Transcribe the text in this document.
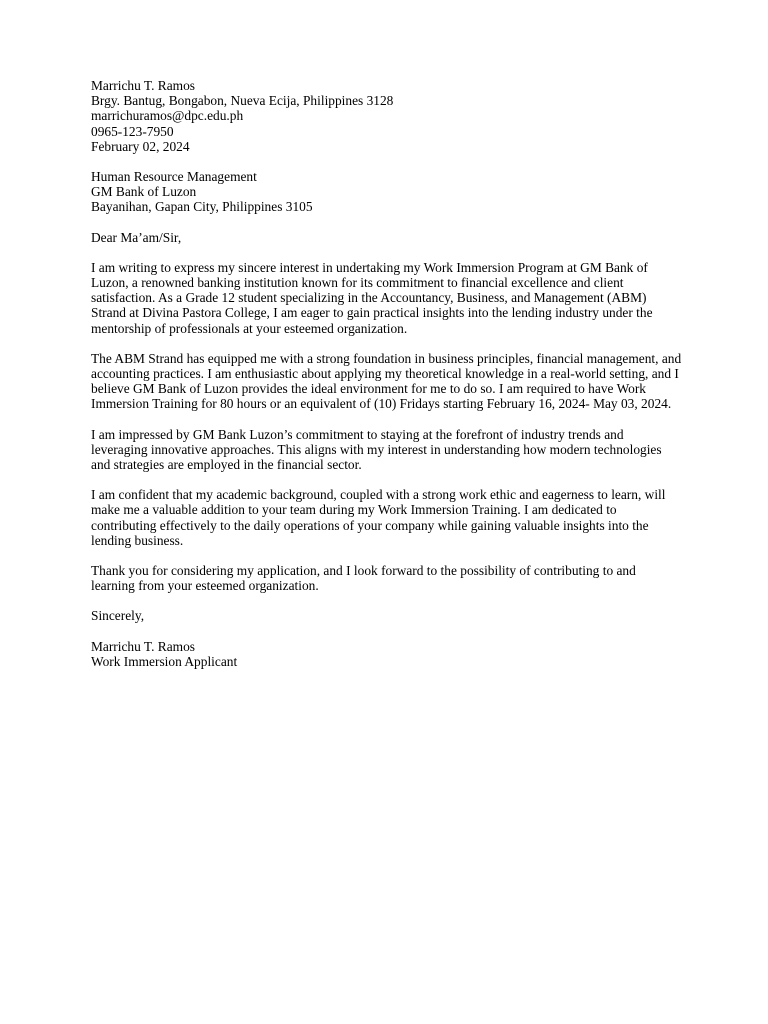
Marrichu T. Ramos
Brgy. Bantug, Bongabon, Nueva Ecija, Philippines 3128
marrichuramos@dpc.edu.ph
0965-123-7950
February 02, 2024
Human Resource Management
GM Bank of Luzon
Bayanihan, Gapan City, Philippines 3105

Dear Ma’am/Sir,

I am writing to express my sincere interest in undertaking my Work Immersion Program at GM Bank of Luzon, a renowned banking institution known for its commitment to financial excellence and client satisfaction. As a Grade 12 student specializing in the Accountancy, Business, and Management (ABM) Strand at Divina Pastora College, I am eager to gain practical insights into the lending industry under the mentorship of professionals at your esteemed organization.

The ABM Strand has equipped me with a strong foundation in business principles, financial management, and accounting practices. I am enthusiastic about applying my theoretical knowledge in a real-world setting, and I believe GM Bank of Luzon provides the ideal environment for me to do so. I am required to have Work Immersion Training for 80 hours or an equivalent of (10) Fridays starting February 16, 2024- May 03, 2024.

I am impressed by GM Bank Luzon’s commitment to staying at the forefront of industry trends and leveraging innovative approaches. This aligns with my interest in understanding how modern technologies and strategies are employed in the financial sector.

I am confident that my academic background, coupled with a strong work ethic and eagerness to learn, will make me a valuable addition to your team during my Work Immersion Training. I am dedicated to contributing effectively to the daily operations of your company while gaining valuable insights into the lending business.

Thank you for considering my application, and I look forward to the possibility of contributing to and learning from your esteemed organization.

Sincerely,

Marrichu T. Ramos
Work Immersion Applicant
